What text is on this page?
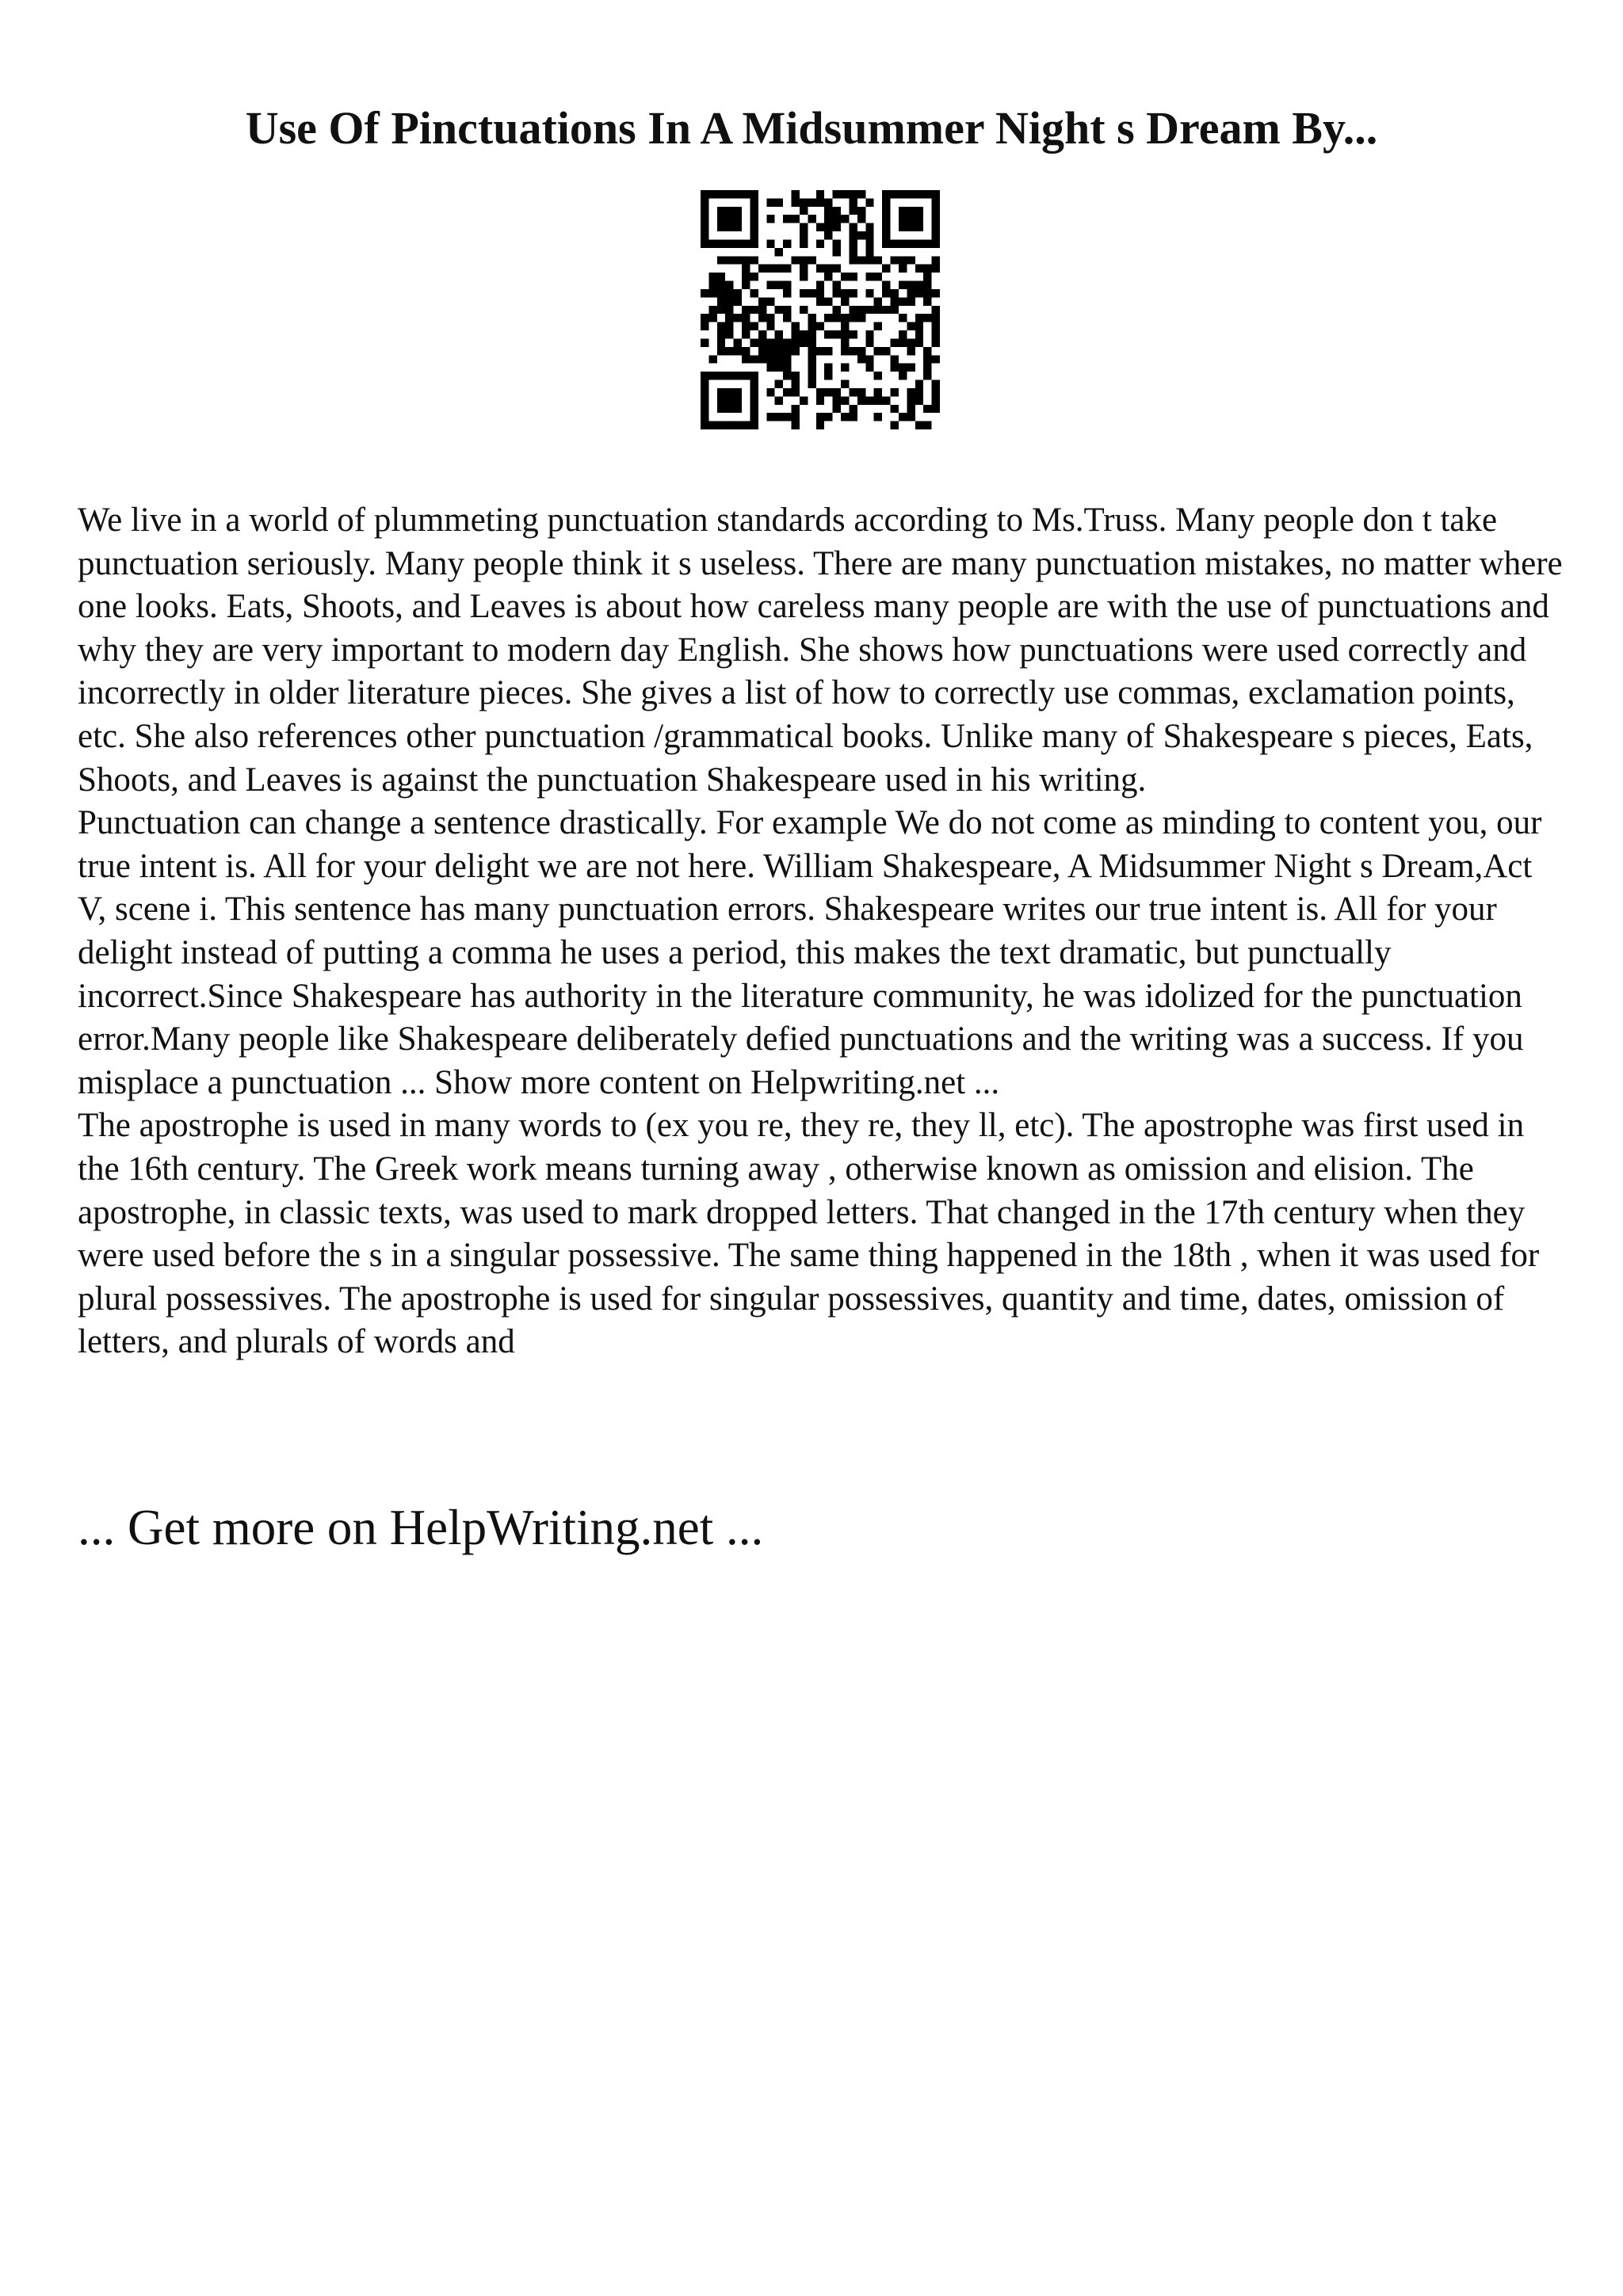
Use Of Pinctuations In A Midsummer Night s Dream By...

We live in a world of plummeting punctuation standards according to Ms.Truss. Many people don t take punctuation seriously. Many people think it s useless. There are many punctuation mistakes, no matter where one looks. Eats, Shoots, and Leaves is about how careless many people are with the use of punctuations and why they are very important to modern day English. She shows how punctuations were used correctly and incorrectly in older literature pieces. She gives a list of how to correctly use commas, exclamation points, etc. She also references other punctuation /grammatical books. Unlike many of Shakespeare s pieces, Eats, Shoots, and Leaves is against the punctuation Shakespeare used in his writing.

Punctuation can change a sentence drastically. For example We do not come as minding to content you, our true intent is. All for your delight we are not here. William Shakespeare, A Midsummer Night s Dream,Act V, scene i. This sentence has many punctuation errors. Shakespeare writes our true intent is. All for your delight instead of putting a comma he uses a period, this makes the text dramatic, but punctually incorrect.Since Shakespeare has authority in the literature community, he was idolized for the punctuation error.Many people like Shakespeare deliberately defied punctuations and the writing was a success. If you misplace a punctuation ... Show more content on Helpwriting.net ...

The apostrophe is used in many words to (ex you re, they re, they ll, etc). The apostrophe was first used in the 16th century. The Greek work means turning away , otherwise known as omission and elision. The apostrophe, in classic texts, was used to mark dropped letters. That changed in the 17th century when they were used before the s in a singular possessive. The same thing happened in the 18th , when it was used for plural possessives. The apostrophe is used for singular possessives, quantity and time, dates, omission of letters, and plurals of words and

... Get more on HelpWriting.net ...
